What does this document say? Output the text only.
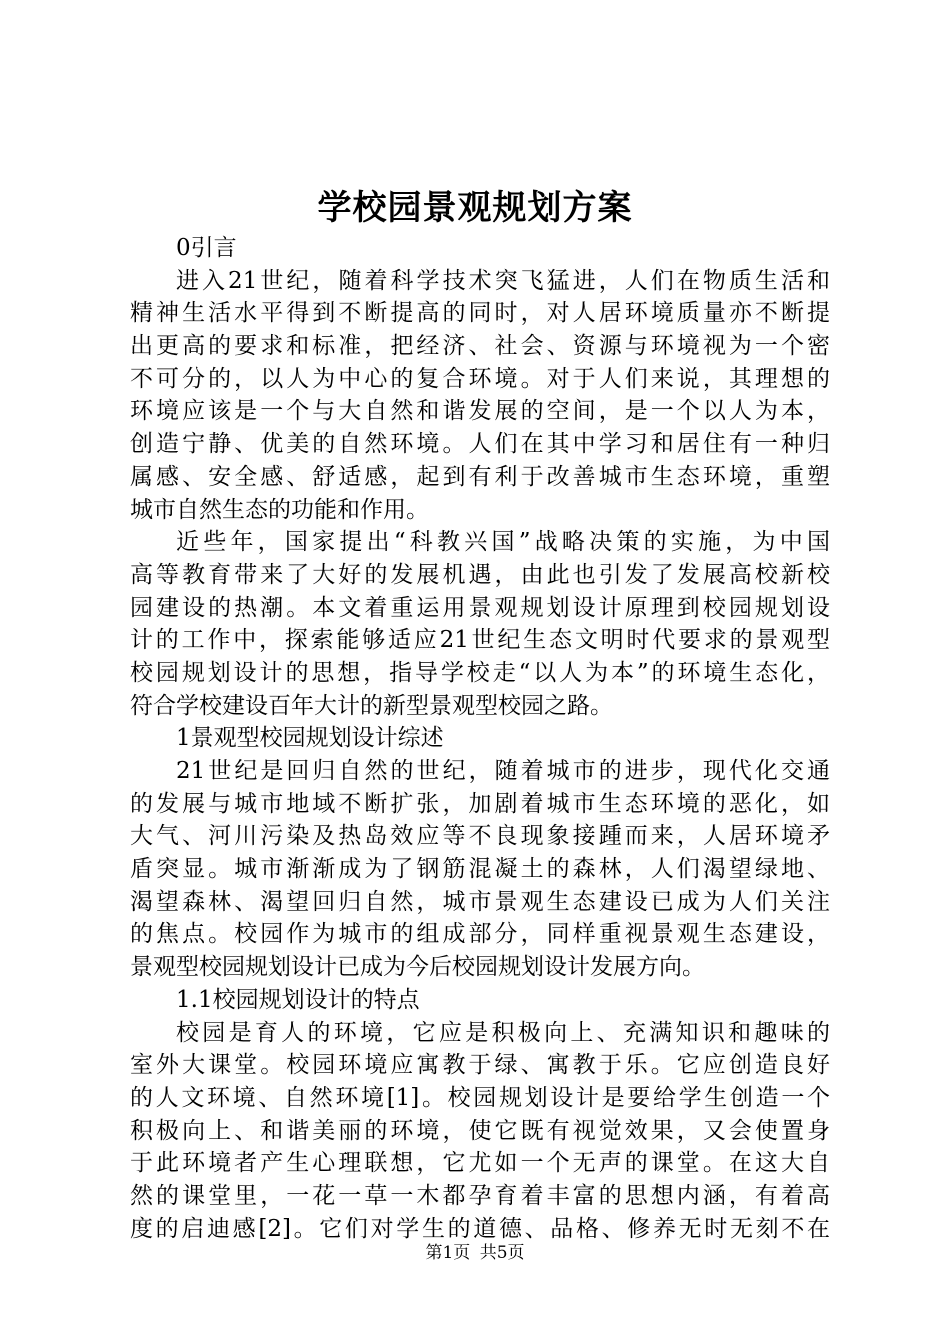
学校园景观规划方案
0引言
进入21世纪，随着科学技术突飞猛进，人们在物质生活和
精神生活水平得到不断提高的同时，对人居环境质量亦不断提
出更高的要求和标准，把经济、社会、资源与环境视为一个密
不可分的，以人为中心的复合环境。对于人们来说，其理想的
环境应该是一个与大自然和谐发展的空间，是一个以人为本，
创造宁静、优美的自然环境。人们在其中学习和居住有一种归
属感、安全感、舒适感，起到有利于改善城市生态环境，重塑
城市自然生态的功能和作用。
近些年，国家提出“科教兴国”战略决策的实施，为中国
高等教育带来了大好的发展机遇，由此也引发了发展高校新校
园建设的热潮。本文着重运用景观规划设计原理到校园规划设
计的工作中，探索能够适应21世纪生态文明时代要求的景观型
校园规划设计的思想，指导学校走“以人为本”的环境生态化，
符合学校建设百年大计的新型景观型校园之路。
1景观型校园规划设计综述
21世纪是回归自然的世纪，随着城市的进步，现代化交通
的发展与城市地域不断扩张，加剧着城市生态环境的恶化，如
大气、河川污染及热岛效应等不良现象接踵而来，人居环境矛
盾突显。城市渐渐成为了钢筋混凝土的森林，人们渴望绿地、
渴望森林、渴望回归自然，城市景观生态建设已成为人们关注
的焦点。校园作为城市的组成部分，同样重视景观生态建设，
景观型校园规划设计已成为今后校园规划设计发展方向。
1.1校园规划设计的特点
校园是育人的环境，它应是积极向上、充满知识和趣味的
室外大课堂。校园环境应寓教于绿、寓教于乐。它应创造良好
的人文环境、自然环境[1]。校园规划设计是要给学生创造一个
积极向上、和谐美丽的环境，使它既有视觉效果，又会使置身
于此环境者产生心理联想，它尤如一个无声的课堂。在这大自
然的课堂里，一花一草一木都孕育着丰富的思想内涵，有着高
度的启迪感[2]。它们对学生的道德、品格、修养无时无刻不在
第1页 共5页
